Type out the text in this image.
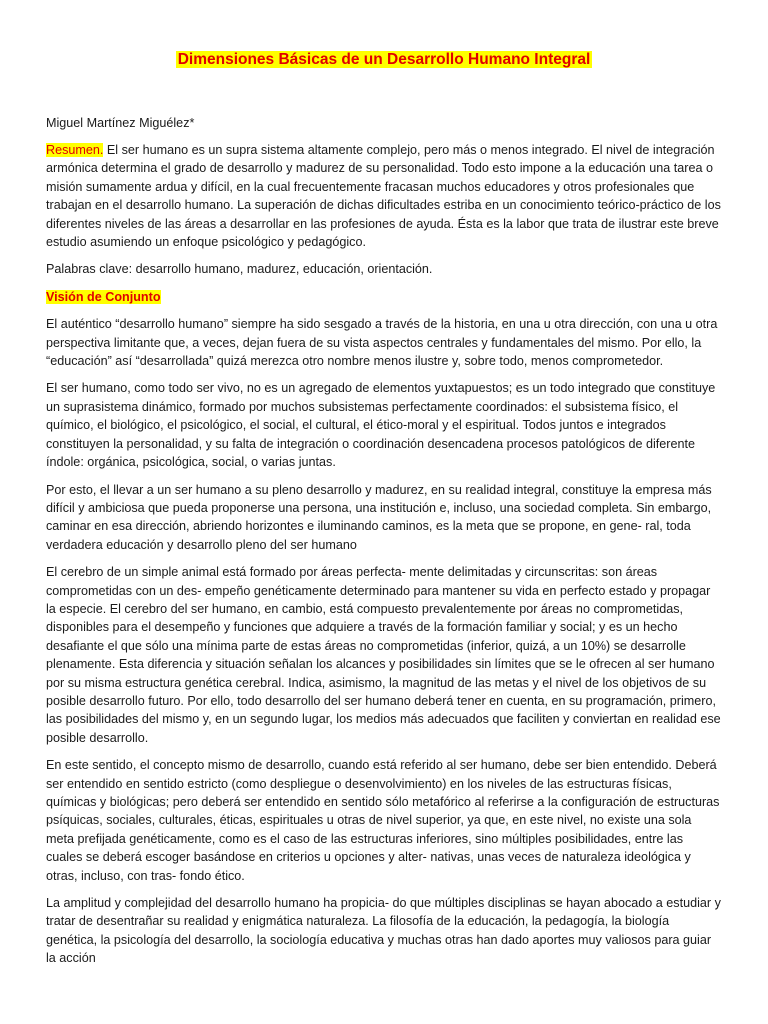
Dimensiones Básicas de un Desarrollo Humano Integral
Miguel Martínez Miguélez*

Resumen. El ser humano es un supra sistema altamente complejo, pero más o menos integrado. El nivel de integración armónica determina el grado de desarrollo y madurez de su personalidad. Todo esto impone a la educación una tarea o misión sumamente ardua y difícil, en la cual frecuentemente fracasan muchos educadores y otros profesionales que trabajan en el desarrollo humano. La superación de dichas dificultades estriba en un conocimiento teórico-práctico de los diferentes niveles de las áreas a desarrollar en las profesiones de ayuda. Ésta es la labor que trata de ilustrar este breve estudio asumiendo un enfoque psicológico y pedagógico.

Palabras clave: desarrollo humano, madurez, educación, orientación.

Visión de Conjunto

El auténtico “desarrollo humano” siempre ha sido sesgado a través de la historia, en una u otra dirección, con una u otra perspectiva limitante que, a veces, dejan fuera de su vista aspectos centrales y fundamentales del mismo. Por ello, la “educación” así “desarrollada” quizá merezca otro nombre menos ilustre y, sobre todo, menos comprometedor.

El ser humano, como todo ser vivo, no es un agregado de elementos yuxtapuestos; es un todo integrado que constituye un suprasistema dinámico, formado por muchos subsistemas perfectamente coordinados: el subsistema físico, el químico, el biológico, el psicológico, el social, el cultural, el ético-moral y el espiritual. Todos juntos e integrados constituyen la personalidad, y su falta de integración o coordinación desencadena procesos patológicos de diferente índole: orgánica, psicológica, social, o varias juntas.

Por esto, el llevar a un ser humano a su pleno desarrollo y madurez, en su realidad integral, constituye la empresa más difícil y ambiciosa que pueda proponerse una persona, una institución e, incluso, una sociedad completa. Sin embargo, caminar en esa dirección, abriendo horizontes e iluminando caminos, es la meta que se propone, en gene- ral, toda verdadera educación y desarrollo pleno del ser humano

El cerebro de un simple animal está formado por áreas perfecta- mente delimitadas y circunscritas: son áreas comprometidas con un des- empeño genéticamente determinado para mantener su vida en perfecto estado y propagar la especie. El cerebro del ser humano, en cambio, está compuesto prevalentemente por áreas no comprometidas, disponibles para el desempeño y funciones que adquiere a través de la formación familiar y social; y es un hecho desafiante el que sólo una mínima parte de estas áreas no comprometidas (inferior, quizá, a un 10%) se desarrolle plenamente. Esta diferencia y situación señalan los alcances y posibilidades sin límites que se le ofrecen al ser humano por su misma estructura genética cerebral. Indica, asimismo, la magnitud de las metas y el nivel de los objetivos de su posible desarrollo futuro. Por ello, todo desarrollo del ser humano deberá tener en cuenta, en su programación, primero, las posibilidades del mismo y, en un segundo lugar, los medios más adecuados que faciliten y conviertan en realidad ese posible desarrollo.

En este sentido, el concepto mismo de desarrollo, cuando está referido al ser humano, debe ser bien entendido. Deberá ser entendido en sentido estricto (como despliegue o desenvolvimiento) en los niveles de las estructuras físicas, químicas y biológicas; pero deberá ser entendido en sentido sólo metafórico al referirse a la configuración de estructuras psíquicas, sociales, culturales, éticas, espirituales u otras de nivel superior, ya que, en este nivel, no existe una sola meta prefijada genéticamente, como es el caso de las estructuras inferiores, sino múltiples posibilidades, entre las cuales se deberá escoger basándose en criterios u opciones y alter- nativas, unas veces de naturaleza ideológica y otras, incluso, con tras- fondo ético.

La amplitud y complejidad del desarrollo humano ha propicia- do que múltiples disciplinas se hayan abocado a estudiar y tratar de desentrañar su realidad y enigmática naturaleza. La filosofía de la educación, la pedagogía, la biología genética, la psicología del desarrollo, la sociología educativa y muchas otras han dado aportes muy valiosos para guiar la acción
